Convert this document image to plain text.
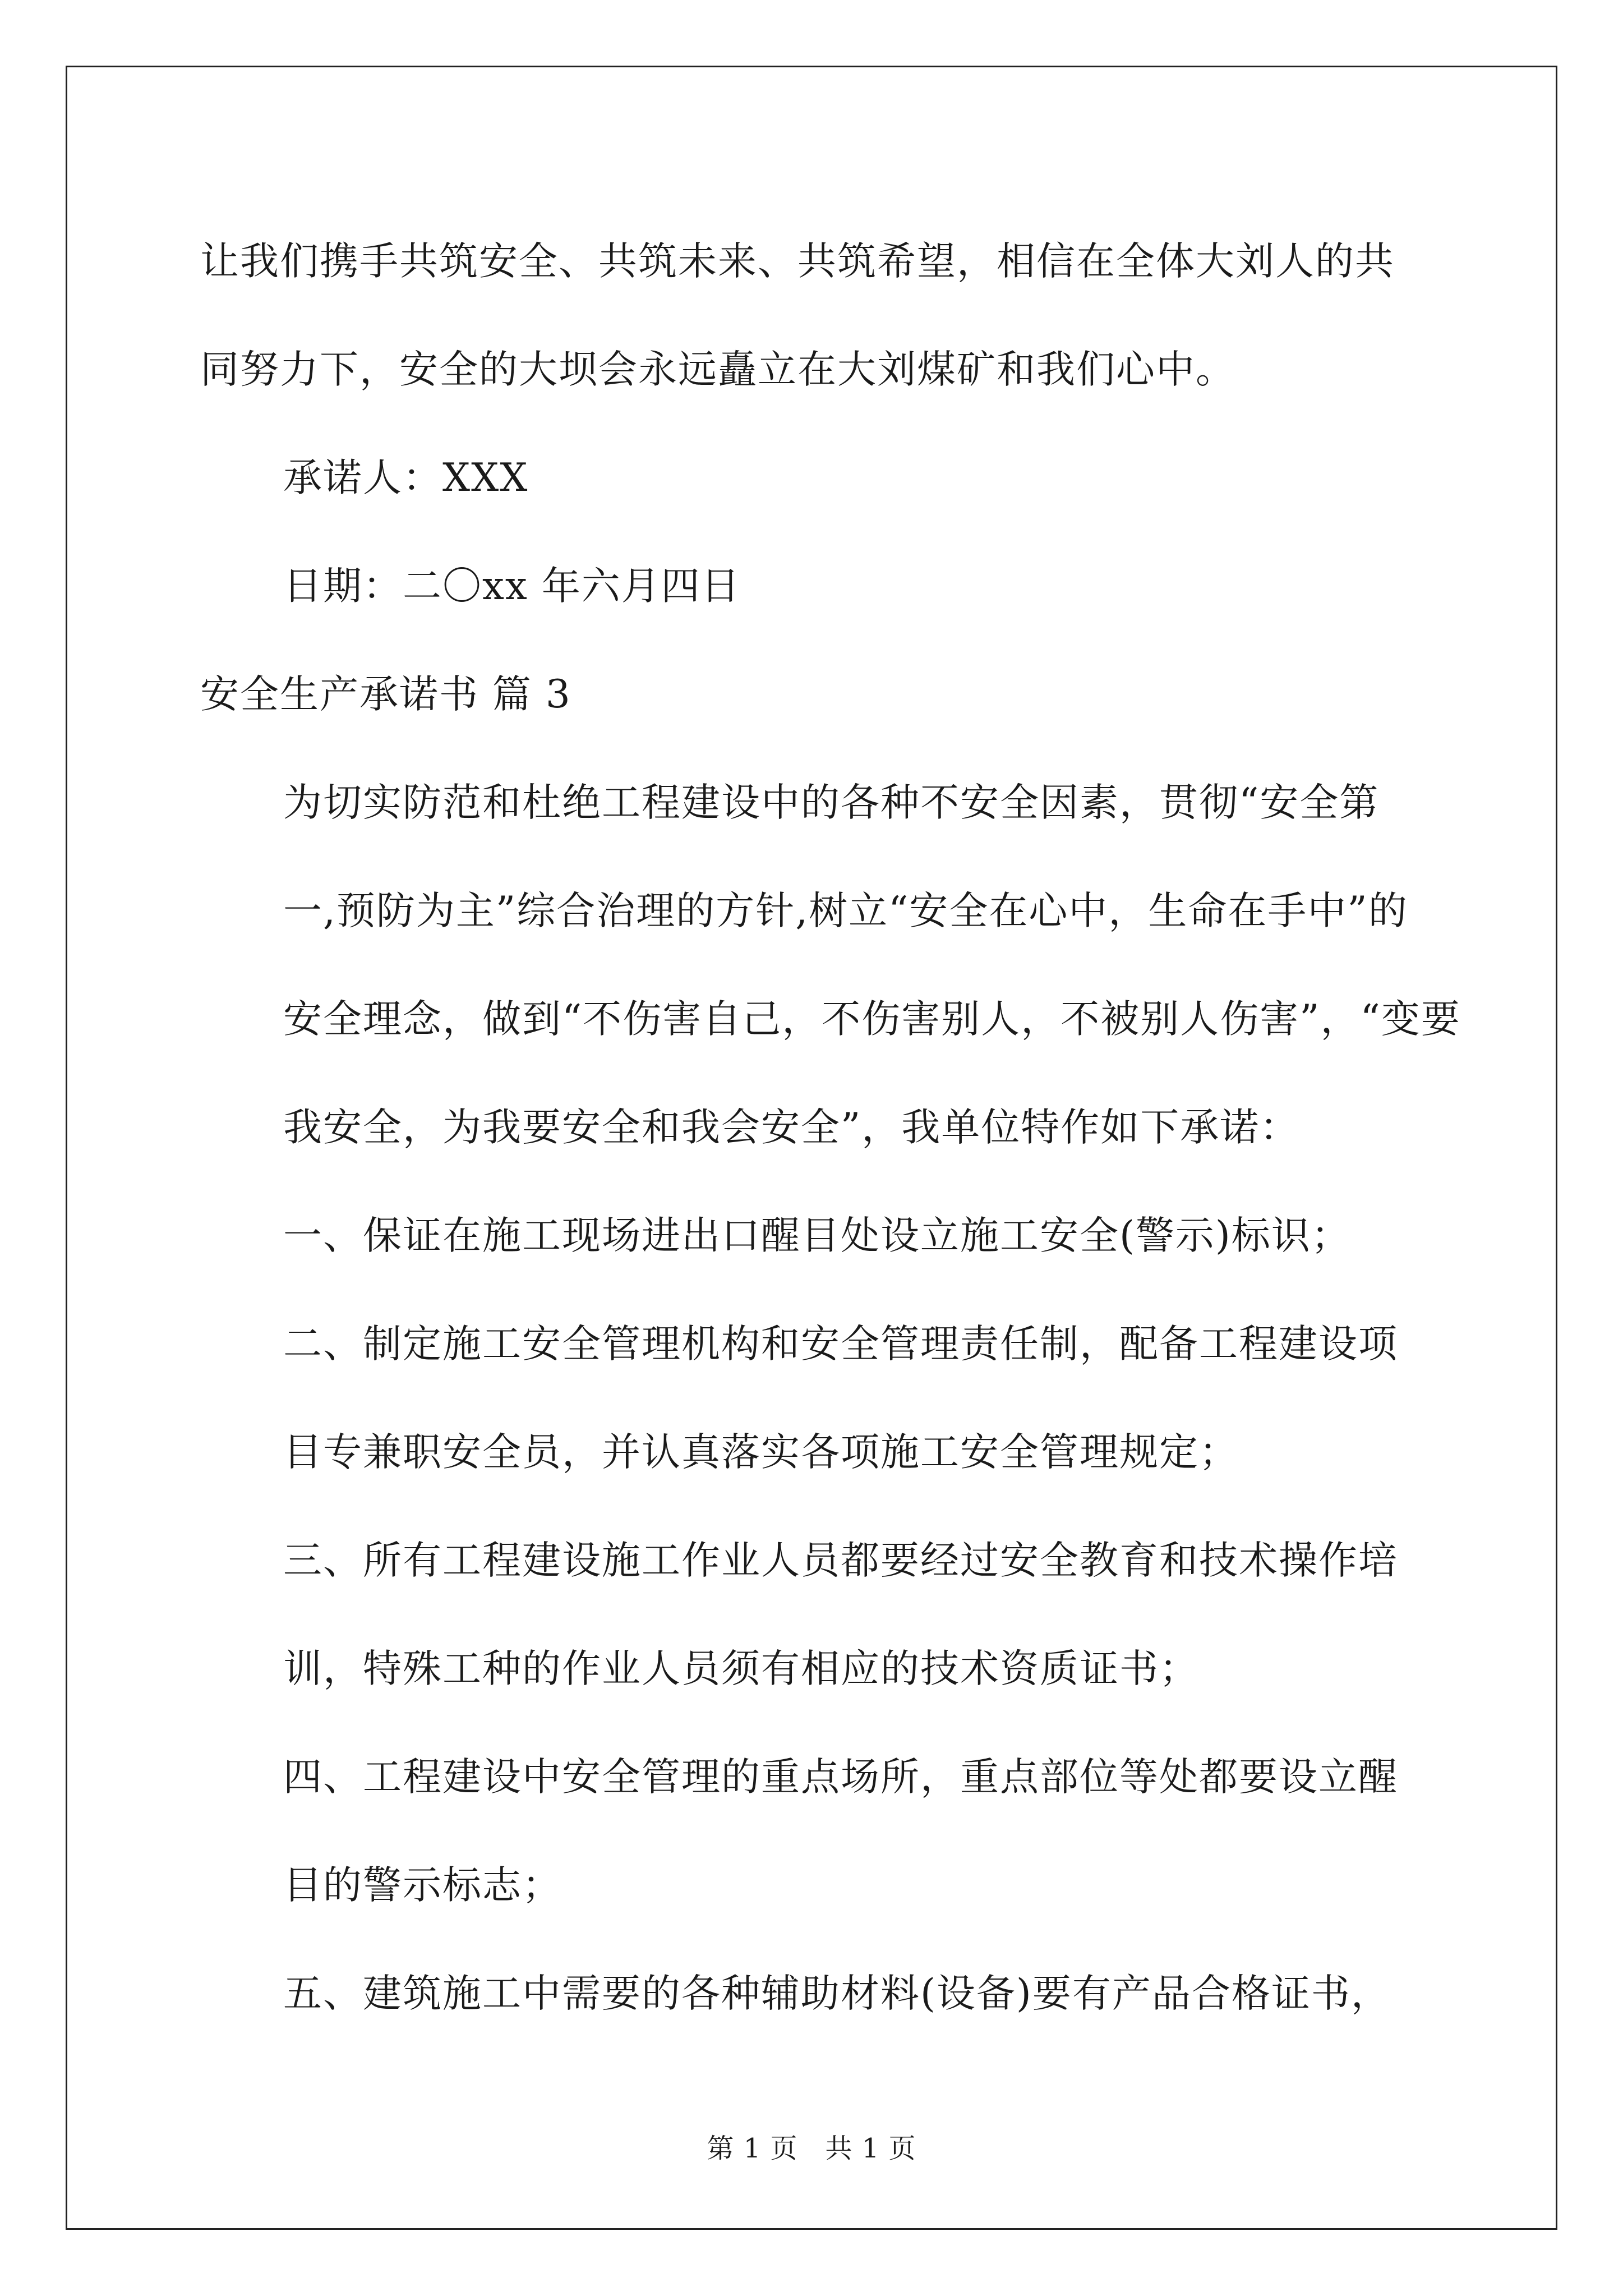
让我们携手共筑安全、共筑未来、共筑希望，相信在全体大刘人的共
同努力下，安全的大坝会永远矗立在大刘煤矿和我们心中。

承诺人：XXX

日期：二〇xx 年六月四日

安全生产承诺书 篇 3

为切实防范和杜绝工程建设中的各种不安全因素，贯彻“安全第
一,预防为主”综合治理的方针,树立“安全在心中，生命在手中”的
安全理念，做到“不伤害自己，不伤害别人，不被别人伤害”，“变要
我安全，为我要安全和我会安全”，我单位特作如下承诺：

一、保证在施工现场进出口醒目处设立施工安全(警示)标识；

二、制定施工安全管理机构和安全管理责任制，配备工程建设项
目专兼职安全员，并认真落实各项施工安全管理规定；

三、所有工程建设施工作业人员都要经过安全教育和技术操作培
训，特殊工种的作业人员须有相应的技术资质证书；

四、工程建设中安全管理的重点场所，重点部位等处都要设立醒
目的警示标志；

五、建筑施工中需要的各种辅助材料(设备)要有产品合格证书，

第 1 页　共 1 页
